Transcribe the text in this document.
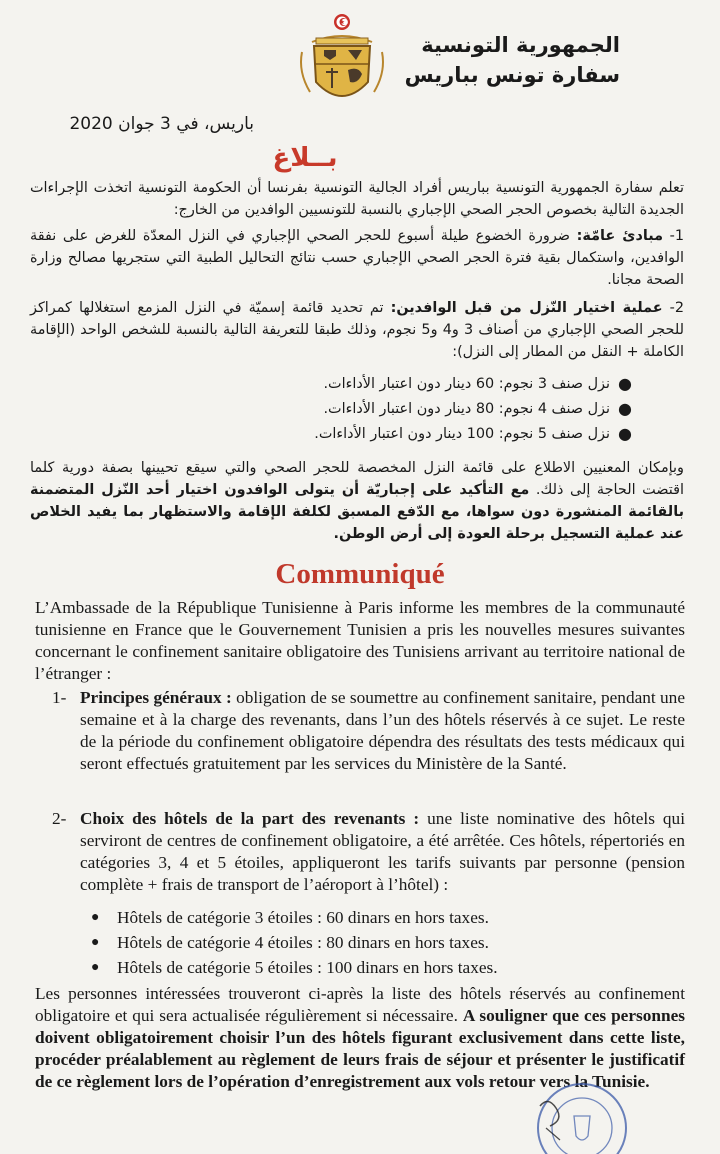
الجمهورية التونسية
سفارة تونس بباريس
باريس، في 3 جوان 2020
بــلاغ
تعلم سفارة الجمهورية التونسية بباريس أفراد الجالية التونسية بفرنسا أن الحكومة التونسية اتخذت الإجراءات الجديدة التالية بخصوص الحجر الصحي الإجباري بالنسبة للتونسيين الوافدين من الخارج:
1- مبادئ عامّة: ضرورة الخضوع طيلة أسبوع للحجر الصحي الإجباري في النزل المعدّة للغرض على نفقة الوافدين، واستكمال بقية فترة الحجر الصحي الإجباري حسب نتائج التحاليل الطبية التي ستجريها مصالح وزارة الصحة مجانا.
2- عملية اختيار النّزل من قبل الوافدين: تم تحديد قائمة إسميّة في النزل المزمع استغلالها كمراكز للحجر الصحي الإجباري من أصناف 3 و4 و5 نجوم، وذلك طبقا للتعريفة التالية بالنسبة للشخص الواحد (الإقامة الكاملة + النقل من المطار إلى النزل):
●
نزل صنف 3 نجوم: 60 دينار دون اعتبار الأداءات.
●
نزل صنف 4 نجوم: 80 دينار دون اعتبار الأداءات.
●
نزل صنف 5 نجوم: 100 دينار دون اعتبار الأداءات.
وبإمكان المعنيين الاطلاع على قائمة النزل المخصصة للحجر الصحي والتي سيقع تحيينها بصفة دورية كلما اقتضت الحاجة إلى ذلك. مع التأكيد على إجباريّة أن يتولى الوافدون اختيار أحد النّزل المتضمنة بالقائمة المنشورة دون سواها، مع الدّفع المسبق لكلفة الإقامة والاستظهار بما يفيد الخلاص عند عملية التسجيل برحلة العودة إلى أرض الوطن.
Communiqué
L’Ambassade de la République Tunisienne à Paris informe les membres de la communauté tunisienne en France que le Gouvernement Tunisien a pris les nouvelles mesures suivantes concernant le confinement sanitaire obligatoire des Tunisiens arrivant au territoire national de l’étranger :
1- Principes généraux : obligation de se soumettre au confinement sanitaire, pendant une semaine et à la charge des revenants, dans l’un des hôtels réservés à ce sujet. Le reste de la période du confinement obligatoire dépendra des résultats des tests médicaux qui seront effectués gratuitement par les services du Ministère de la Santé.
2- Choix des hôtels de la part des revenants : une liste nominative des hôtels qui serviront de centres de confinement obligatoire, a été arrêtée. Ces hôtels, répertoriés en catégories 3, 4 et 5 étoiles, appliqueront les tarifs suivants par personne (pension complète + frais de transport de l’aéroport à l’hôtel) :
● Hôtels de catégorie 3 étoiles : 60 dinars en hors taxes.
● Hôtels de catégorie 4 étoiles : 80 dinars en hors taxes.
● Hôtels de catégorie 5 étoiles : 100 dinars en hors taxes.
Les personnes intéressées trouveront ci-après la liste des hôtels réservés au confinement obligatoire et qui sera actualisée régulièrement si nécessaire. A souligner que ces personnes doivent obligatoirement choisir l’un des hôtels figurant exclusivement dans cette liste, procéder préalablement au règlement de leurs frais de séjour et présenter le justificatif de ce règlement lors de l’opération d’enregistrement aux vols retour vers la Tunisie.
